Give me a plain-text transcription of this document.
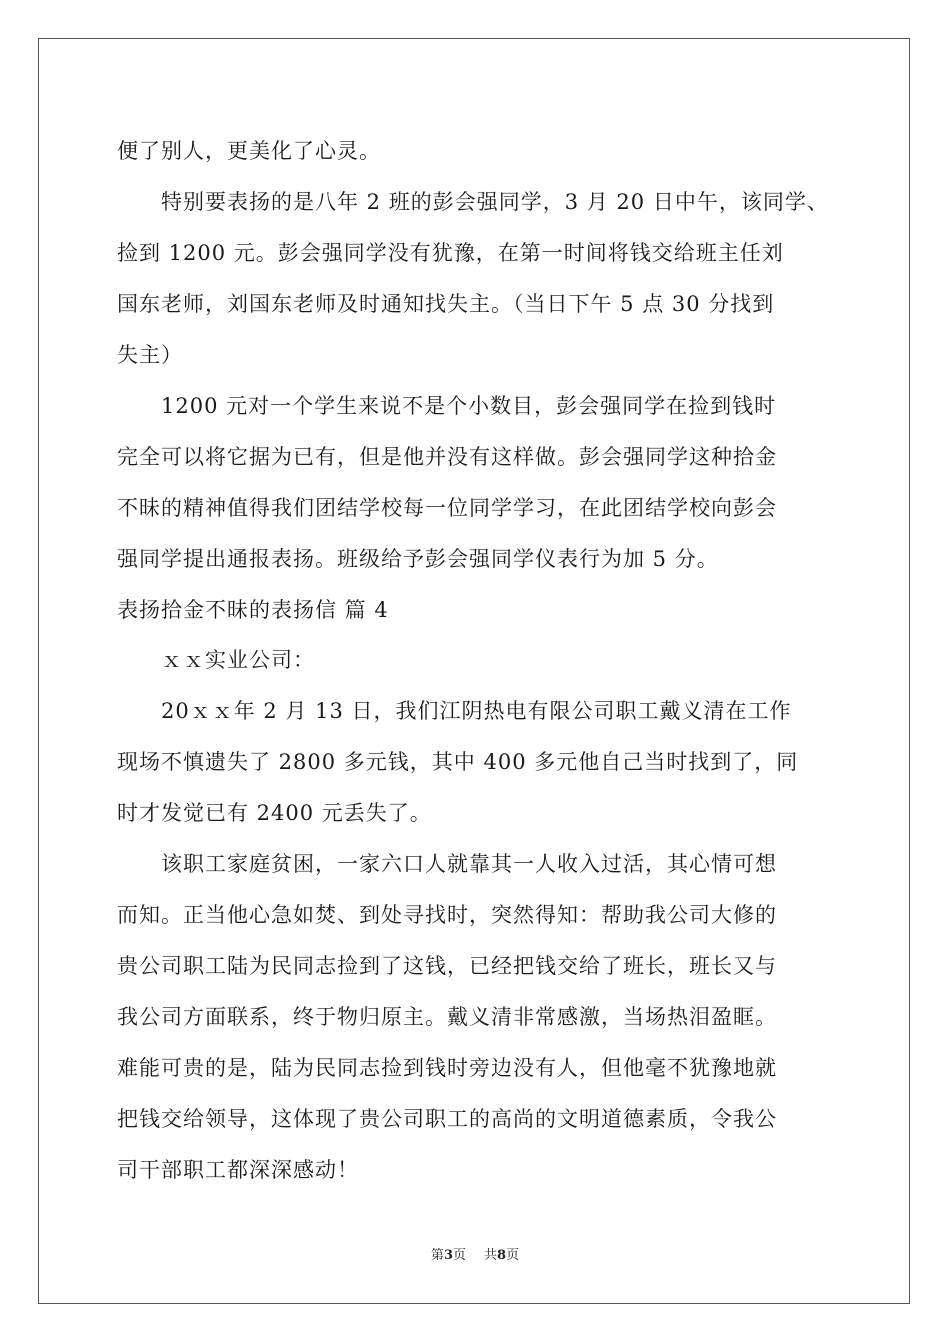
便了别人，更美化了心灵。
　　特别要表扬的是八年 2 班的彭会强同学，3 月 20 日中午，该同学、
捡到 1200 元。彭会强同学没有犹豫，在第一时间将钱交给班主任刘
国东老师，刘国东老师及时通知找失主。（当日下午 5 点 30 分找到
失主）
　　1200 元对一个学生来说不是个小数目，彭会强同学在捡到钱时
完全可以将它据为已有，但是他并没有这样做。彭会强同学这种拾金
不昧的精神值得我们团结学校每一位同学学习，在此团结学校向彭会
强同学提出通报表扬。班级给予彭会强同学仪表行为加 5 分。
表扬拾金不昧的表扬信 篇 4
　　ｘｘ实业公司：
　　20ｘｘ年 2 月 13 日，我们江阴热电有限公司职工戴义清在工作
现场不慎遗失了 2800 多元钱，其中 400 多元他自己当时找到了，同
时才发觉已有 2400 元丢失了。
　　该职工家庭贫困，一家六口人就靠其一人收入过活，其心情可想
而知。正当他心急如焚、到处寻找时，突然得知：帮助我公司大修的
贵公司职工陆为民同志捡到了这钱，已经把钱交给了班长，班长又与
我公司方面联系，终于物归原主。戴义清非常感激，当场热泪盈眶。
难能可贵的是，陆为民同志捡到钱时旁边没有人，但他毫不犹豫地就
把钱交给领导，这体现了贵公司职工的高尚的文明道德素质，令我公
司干部职工都深深感动！
第3页 共8页
